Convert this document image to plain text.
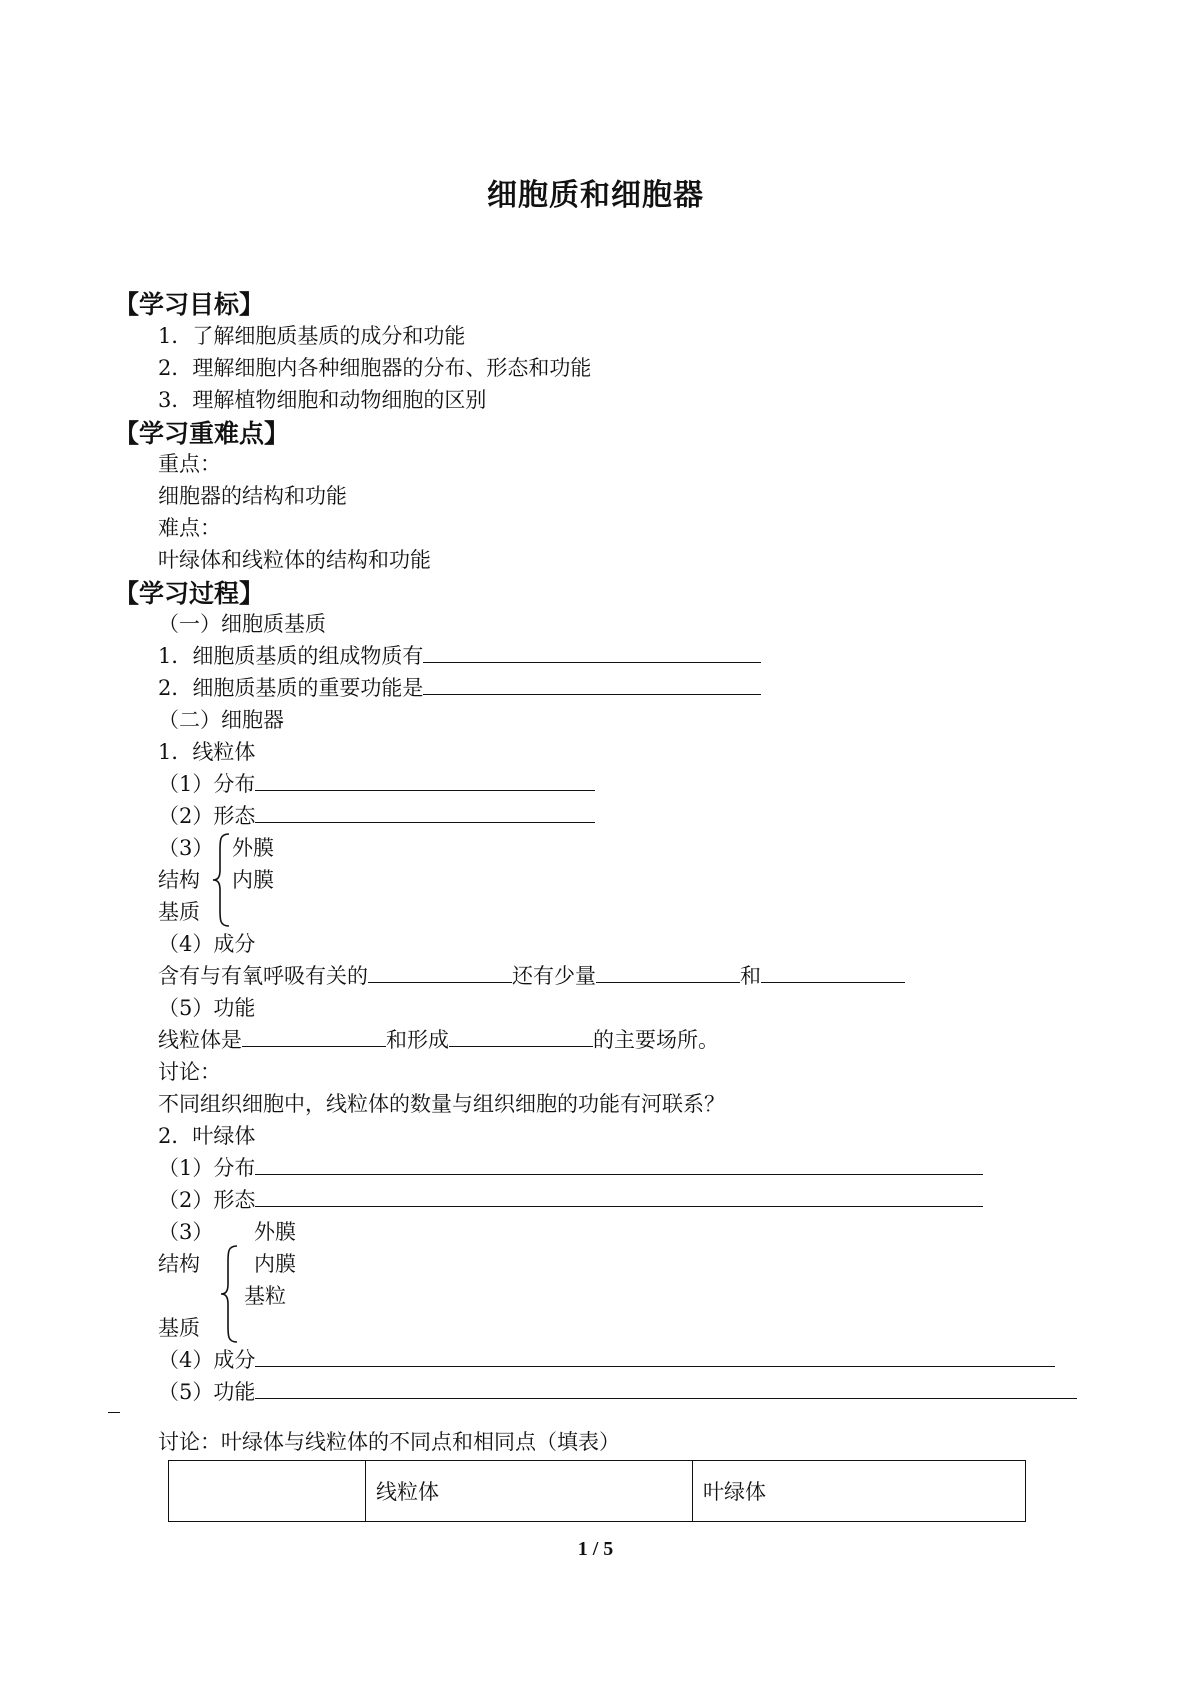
细胞质和细胞器
【学习目标】
1．了解细胞质基质的成分和功能
2．理解细胞内各种细胞器的分布、形态和功能
3．理解植物细胞和动物细胞的区别
【学习重难点】
重点：
细胞器的结构和功能
难点：
叶绿体和线粒体的结构和功能
【学习过程】
（一）细胞质基质
1．细胞质基质的组成物质有
2．细胞质基质的重要功能是
（二）细胞器
1．线粒体
（1）分布
（2）形态
（3）
结构
基质
外膜
内膜
（4）成分
含有与有氧呼吸有关的	还有少量	和
（5）功能
线粒体是	和形成	的主要场所。
讨论：
不同组织细胞中，线粒体的数量与组织细胞的功能有河联系？
2．叶绿体
（1）分布
（2）形态
（3）
结构
基质
外膜
内膜
基粒
（4）成分
（5）功能
讨论：叶绿体与线粒体的不同点和相同点（填表）
	线粒体	叶绿体
1 / 5
